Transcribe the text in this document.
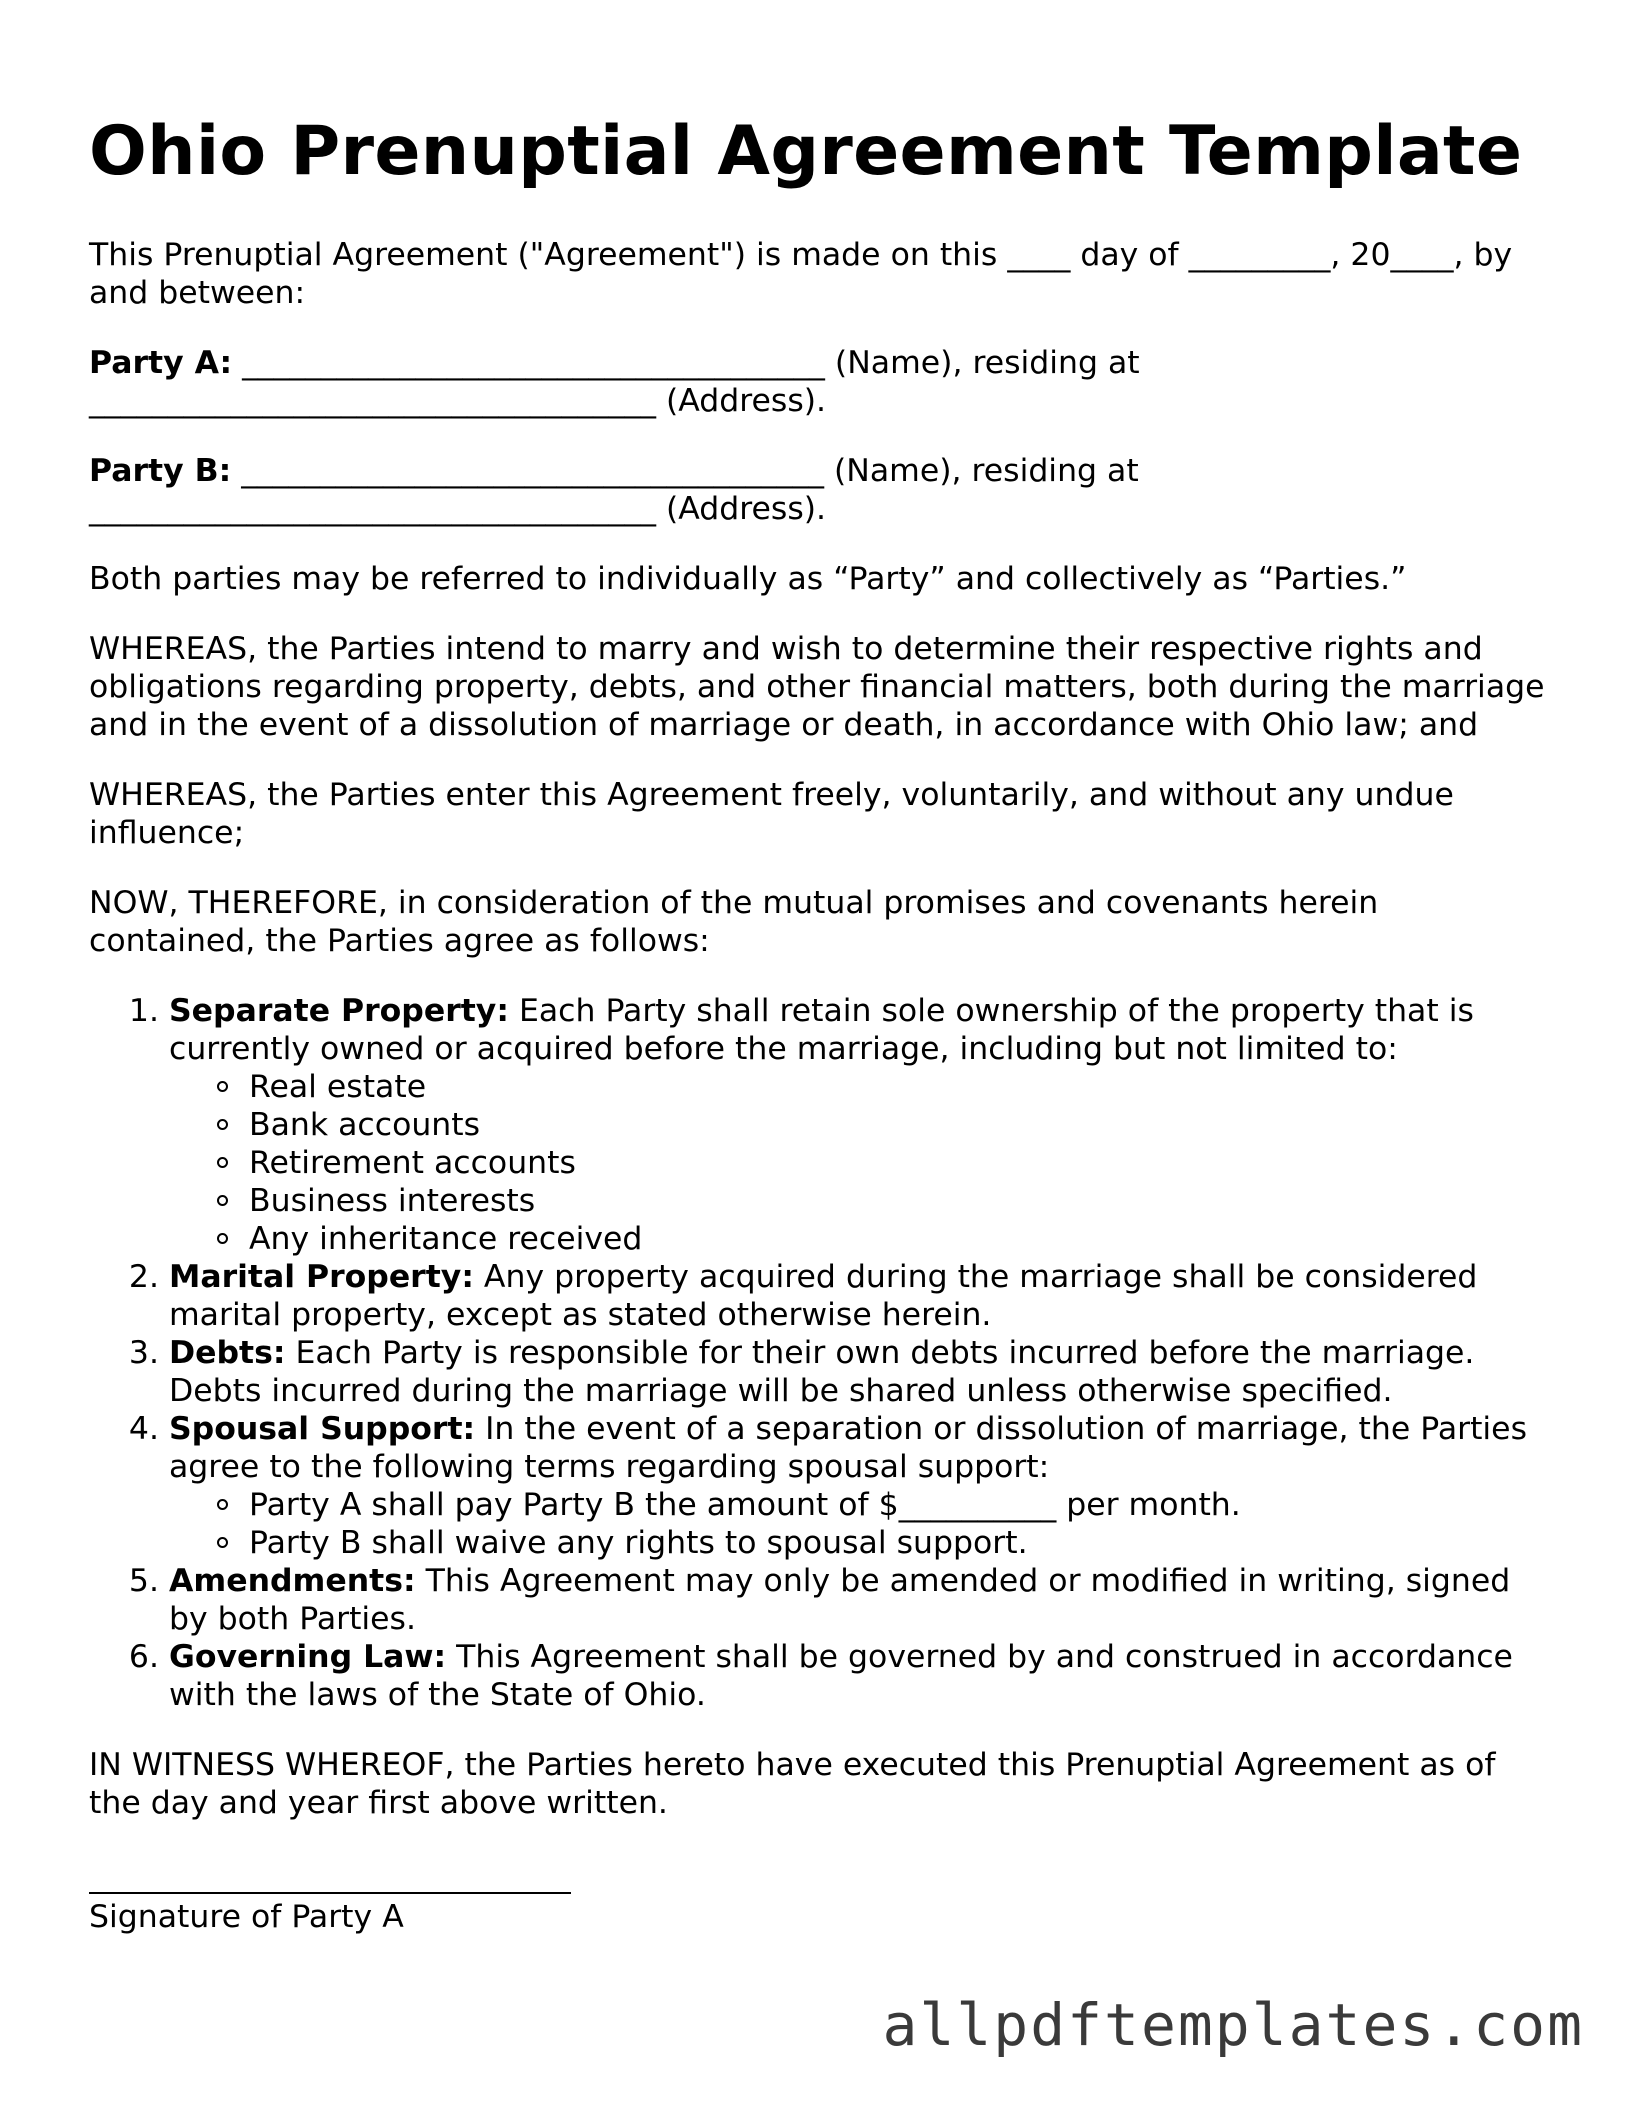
Ohio Prenuptial Agreement Template

This Prenuptial Agreement ("Agreement") is made on this ____ day of _________, 20____, by and between:

Party A: _____________________________________ (Name), residing at ____________________________________ (Address).

Party B: _____________________________________ (Name), residing at ____________________________________ (Address).

Both parties may be referred to individually as “Party” and collectively as “Parties.”

WHEREAS, the Parties intend to marry and wish to determine their respective rights and obligations regarding property, debts, and other financial matters, both during the marriage and in the event of a dissolution of marriage or death, in accordance with Ohio law; and

WHEREAS, the Parties enter this Agreement freely, voluntarily, and without any undue influence;

NOW, THEREFORE, in consideration of the mutual promises and covenants herein contained, the Parties agree as follows:

1. Separate Property: Each Party shall retain sole ownership of the property that is currently owned or acquired before the marriage, including but not limited to:
Real estate
Bank accounts
Retirement accounts
Business interests
Any inheritance received
2. Marital Property: Any property acquired during the marriage shall be considered marital property, except as stated otherwise herein.
3. Debts: Each Party is responsible for their own debts incurred before the marriage. Debts incurred during the marriage will be shared unless otherwise specified.
4. Spousal Support: In the event of a separation or dissolution of marriage, the Parties agree to the following terms regarding spousal support:
Party A shall pay Party B the amount of $__________ per month.
Party B shall waive any rights to spousal support.
5. Amendments: This Agreement may only be amended or modified in writing, signed by both Parties.
6. Governing Law: This Agreement shall be governed by and construed in accordance with the laws of the State of Ohio.

IN WITNESS WHEREOF, the Parties hereto have executed this Prenuptial Agreement as of the day and year first above written.

Signature of Party A
allpdftemplates.com
